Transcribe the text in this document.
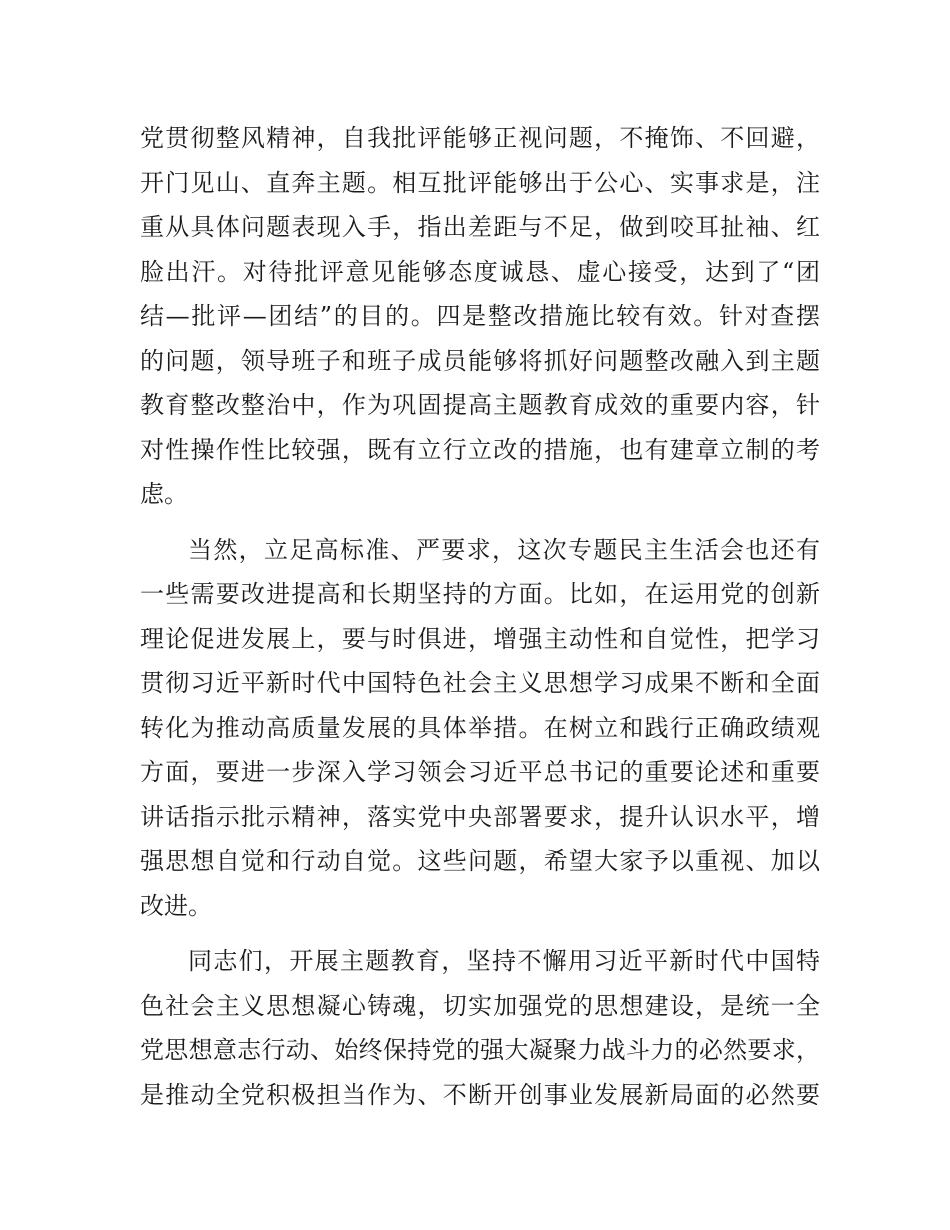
党贯彻整风精神，自我批评能够正视问题，不掩饰、不回避，
开门见山、直奔主题。相互批评能够出于公心、实事求是，注
重从具体问题表现入手，指出差距与不足，做到咬耳扯袖、红
脸出汗。对待批评意见能够态度诚恳、虚心接受，达到了“团
结—批评—团结”的目的。四是整改措施比较有效。针对查摆
的问题，领导班子和班子成员能够将抓好问题整改融入到主题
教育整改整治中，作为巩固提高主题教育成效的重要内容，针
对性操作性比较强，既有立行立改的措施，也有建章立制的考
虑。
当然，立足高标准、严要求，这次专题民主生活会也还有
一些需要改进提高和长期坚持的方面。比如，在运用党的创新
理论促进发展上，要与时俱进，增强主动性和自觉性，把学习
贯彻习近平新时代中国特色社会主义思想学习成果不断和全面
转化为推动高质量发展的具体举措。在树立和践行正确政绩观
方面，要进一步深入学习领会习近平总书记的重要论述和重要
讲话指示批示精神，落实党中央部署要求，提升认识水平，增
强思想自觉和行动自觉。这些问题，希望大家予以重视、加以
改进。
同志们，开展主题教育，坚持不懈用习近平新时代中国特
色社会主义思想凝心铸魂，切实加强党的思想建设，是统一全
党思想意志行动、始终保持党的强大凝聚力战斗力的必然要求，
是推动全党积极担当作为、不断开创事业发展新局面的必然要
